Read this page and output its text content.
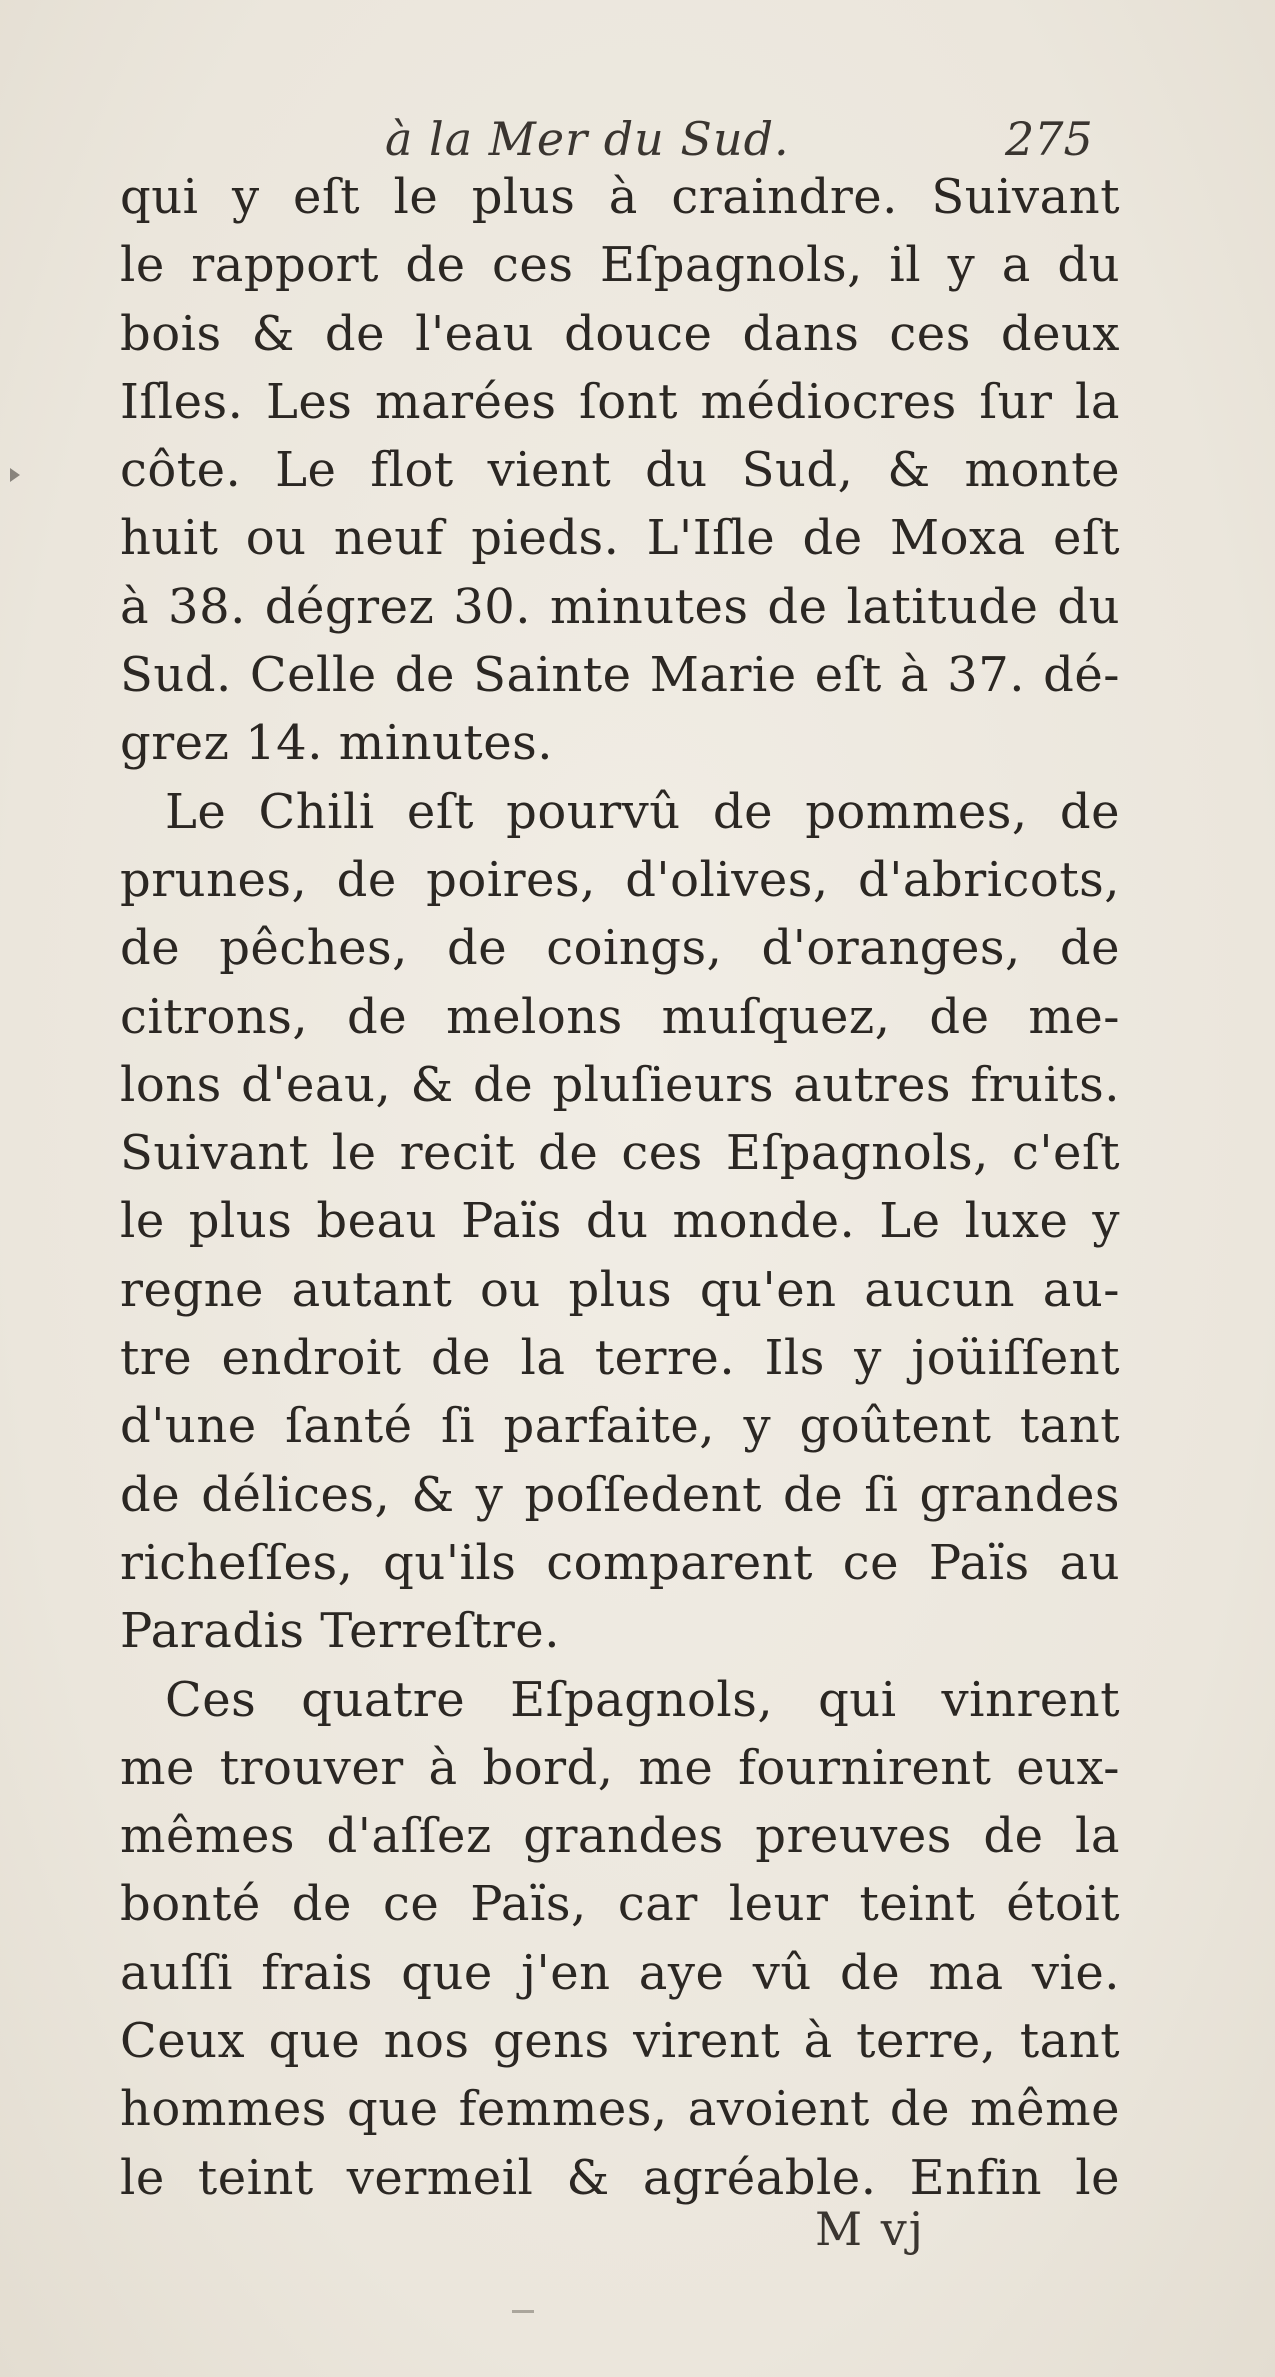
à la Mer du Sud.	275
qui y eſt le plus à craindre. Suivant
le rapport de ces Eſpagnols, il y a du
bois & de l'eau douce dans ces deux
Iſles. Les marées ſont médiocres ſur la
côte. Le flot vient du Sud, & monte
huit ou neuf pieds. L'Iſle de Moxa eſt
à 38. dégrez 30. minutes de latitude du
Sud. Celle de Sainte Marie eſt à 37. dé-
grez 14. minutes.
Le Chili eſt pourvû de pommes, de
prunes, de poires, d'olives, d'abricots,
de pêches, de coings, d'oranges, de
citrons, de melons muſquez, de me-
lons d'eau, & de pluſieurs autres fruits.
Suivant le recit de ces Eſpagnols, c'eſt
le plus beau Païs du monde. Le luxe y
regne autant ou plus qu'en aucun au-
tre endroit de la terre. Ils y joüiſſent
d'une ſanté ſi parfaite, y goûtent tant
de délices, & y poſſedent de ſi grandes
richeſſes, qu'ils comparent ce Païs au
Paradis Terreſtre.
Ces quatre Eſpagnols, qui vinrent
me trouver à bord, me fournirent eux-
mêmes d'aſſez grandes preuves de la
bonté de ce Païs, car leur teint étoit
auſſi frais que j'en aye vû de ma vie.
Ceux que nos gens virent à terre, tant
hommes que femmes, avoient de même
le teint vermeil & agréable. Enfin le
M vj
